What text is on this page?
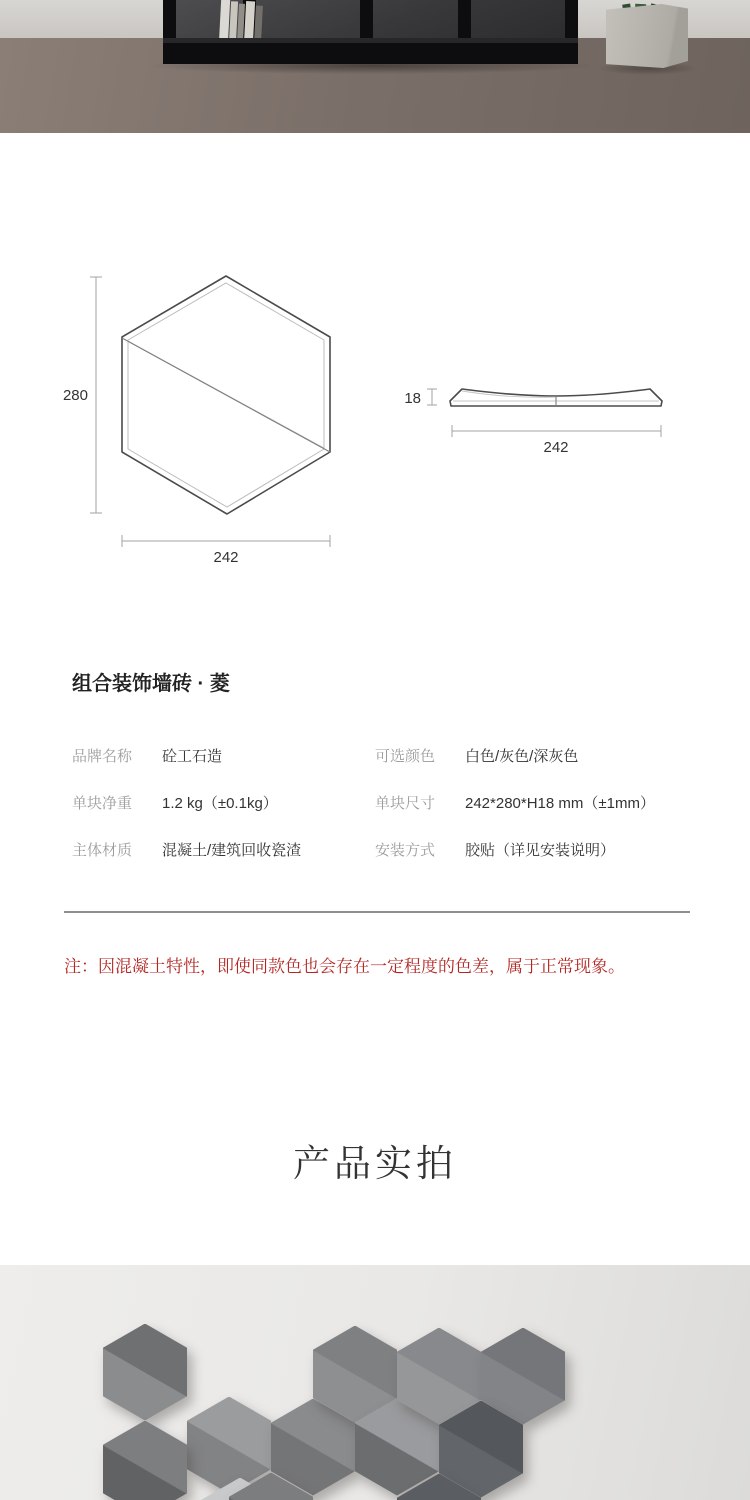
280
242
18
242
组合装饰墙砖 · 菱
品牌名称 砼工石造	可选颜色 白色/灰色/深灰色
单块净重 1.2 kg（±0.1kg）	单块尺寸 242*280*H18 mm（±1mm）
主体材质 混凝土/建筑回收瓷渣	安装方式 胶贴（详见安装说明）

注：因混凝土特性，即使同款色也会存在一定程度的色差，属于正常现象。

产品实拍
